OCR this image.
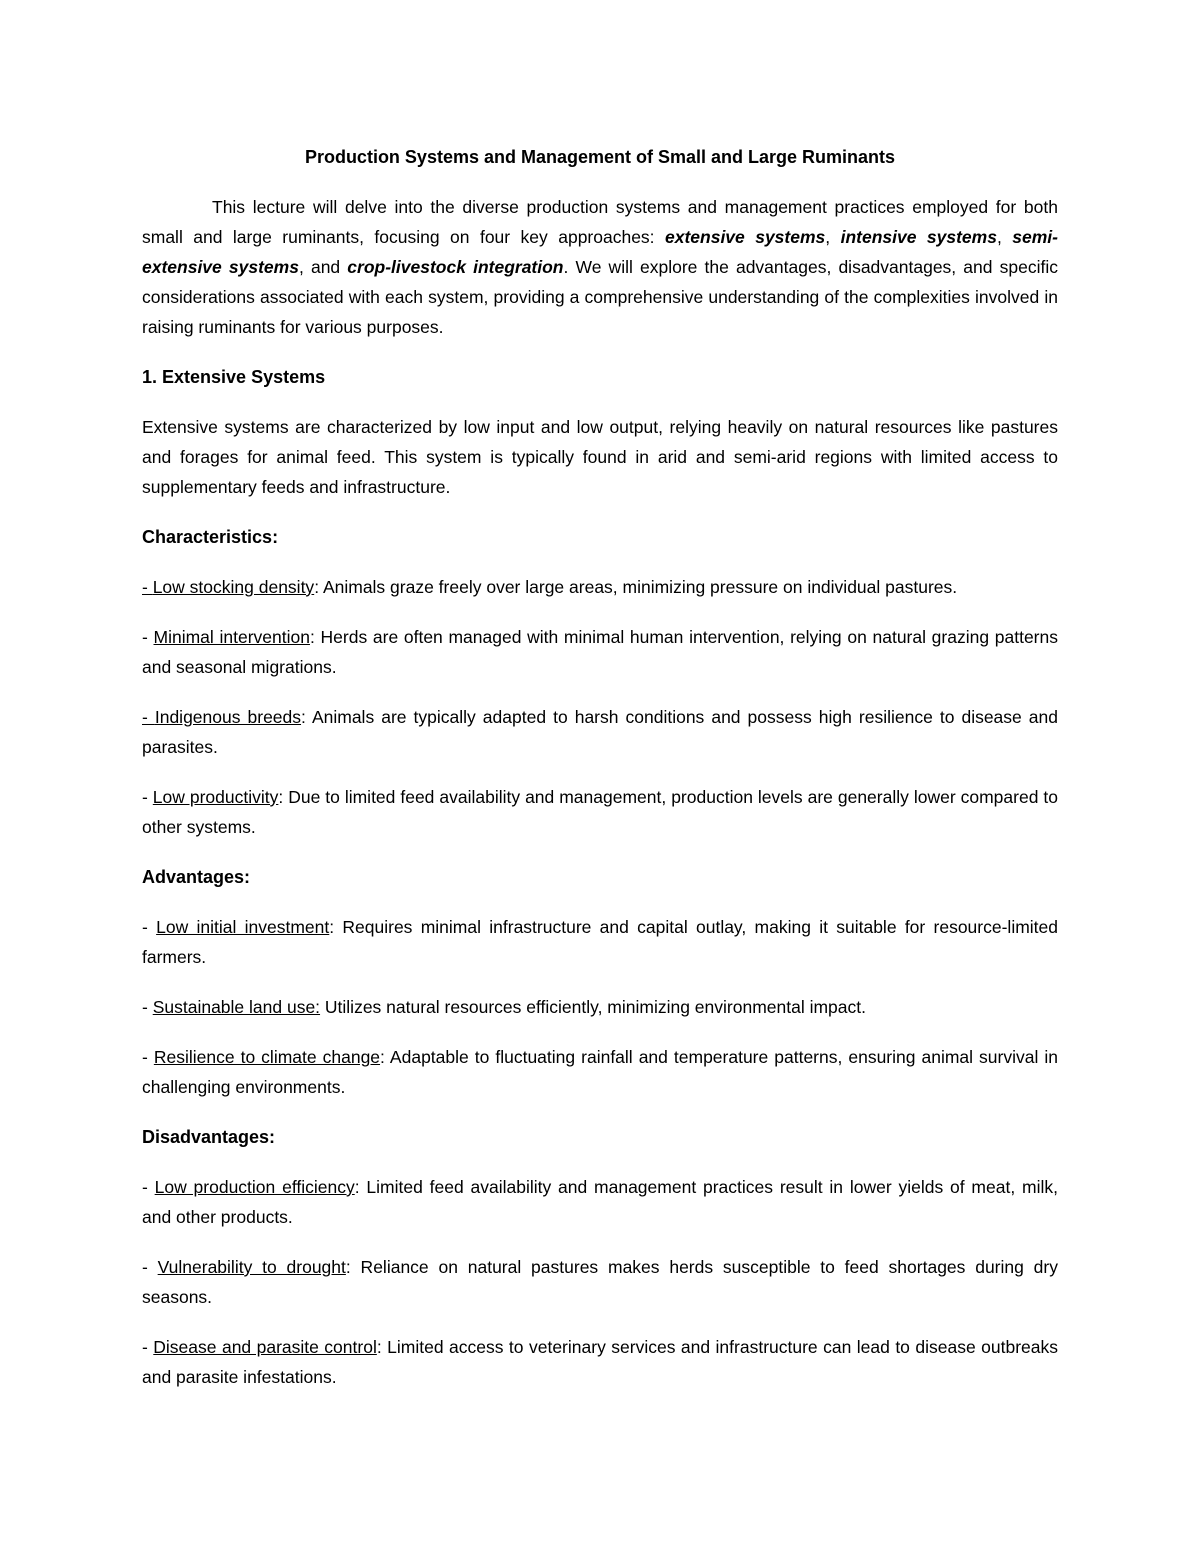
Production Systems and Management of Small and Large Ruminants

This lecture will delve into the diverse production systems and management practices employed for both small and large ruminants, focusing on four key approaches: extensive systems, intensive systems, semi-extensive systems, and crop-livestock integration. We will explore the advantages, disadvantages, and specific considerations associated with each system, providing a comprehensive understanding of the complexities involved in raising ruminants for various purposes.

1. Extensive Systems

Extensive systems are characterized by low input and low output, relying heavily on natural resources like pastures and forages for animal feed. This system is typically found in arid and semi-arid regions with limited access to supplementary feeds and infrastructure.

Characteristics:

- Low stocking density: Animals graze freely over large areas, minimizing pressure on individual pastures.

- Minimal intervention: Herds are often managed with minimal human intervention, relying on natural grazing patterns and seasonal migrations.

- Indigenous breeds: Animals are typically adapted to harsh conditions and possess high resilience to disease and parasites.

- Low productivity: Due to limited feed availability and management, production levels are generally lower compared to other systems.

Advantages:

- Low initial investment: Requires minimal infrastructure and capital outlay, making it suitable for resource-limited farmers.

- Sustainable land use: Utilizes natural resources efficiently, minimizing environmental impact.

- Resilience to climate change: Adaptable to fluctuating rainfall and temperature patterns, ensuring animal survival in challenging environments.

Disadvantages:

- Low production efficiency: Limited feed availability and management practices result in lower yields of meat, milk, and other products.

- Vulnerability to drought: Reliance on natural pastures makes herds susceptible to feed shortages during dry seasons.

- Disease and parasite control: Limited access to veterinary services and infrastructure can lead to disease outbreaks and parasite infestations.
